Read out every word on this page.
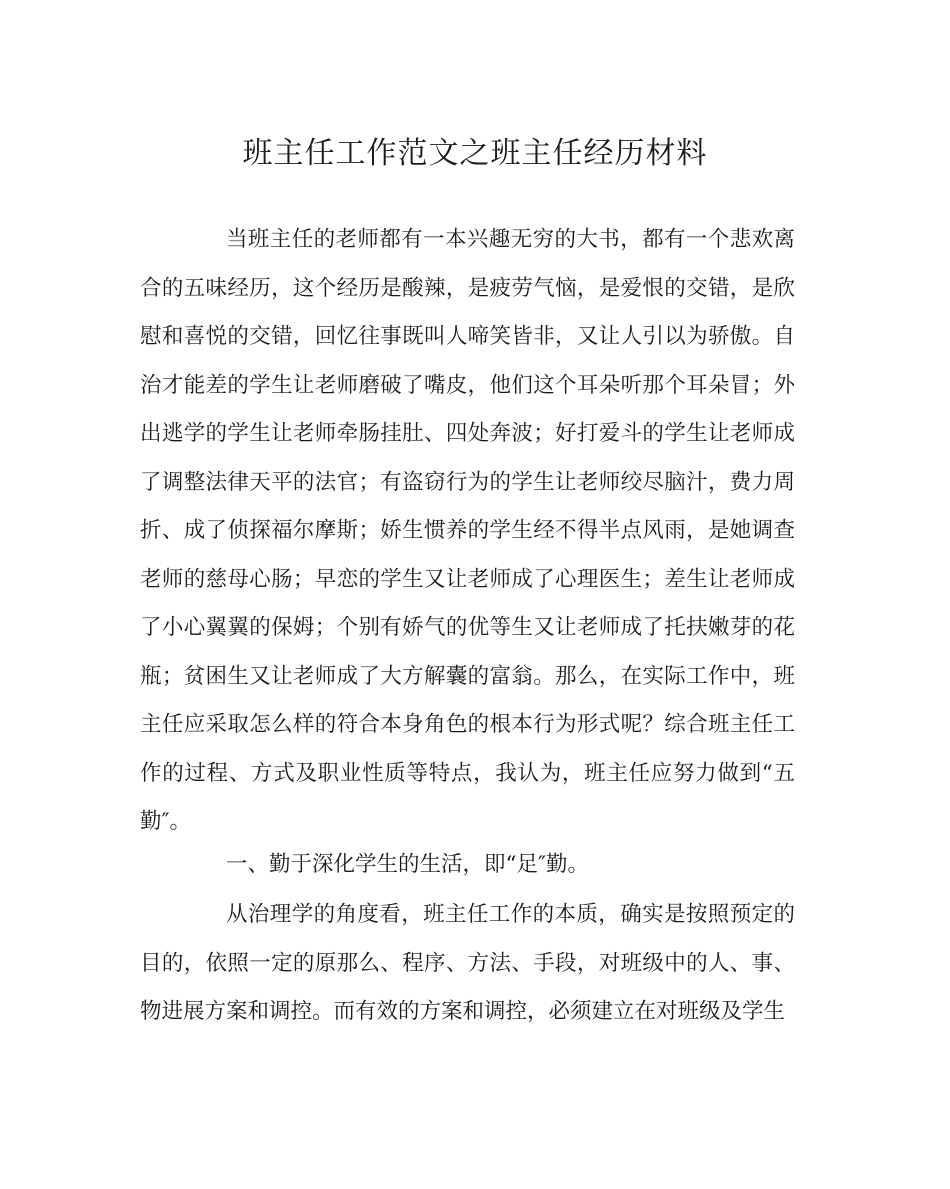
班主任工作范文之班主任经历材料

当班主任的老师都有一本兴趣无穷的大书，都有一个悲欢离合的五味经历，这个经历是酸辣，是疲劳气恼，是爱恨的交错，是欣慰和喜悦的交错，回忆往事既叫人啼笑皆非，又让人引以为骄傲。自治才能差的学生让老师磨破了嘴皮，他们这个耳朵听那个耳朵冒；外出逃学的学生让老师牵肠挂肚、四处奔波；好打爱斗的学生让老师成了调整法律天平的法官；有盗窃行为的学生让老师绞尽脑汁，费力周折、成了侦探福尔摩斯；娇生惯养的学生经不得半点风雨，是她调查老师的慈母心肠；早恋的学生又让老师成了心理医生；差生让老师成了小心翼翼的保姆；个别有娇气的优等生又让老师成了托扶嫩芽的花瓶；贫困生又让老师成了大方解囊的富翁。那么，在实际工作中，班主任应采取怎么样的符合本身角色的根本行为形式呢？综合班主任工作的过程、方式及职业性质等特点，我认为，班主任应努力做到“五勤″。

一、勤于深化学生的生活，即“足″勤。

从治理学的角度看，班主任工作的本质，确实是按照预定的目的，依照一定的原那么、程序、方法、手段，对班级中的人、事、物进展方案和调控。而有效的方案和调控，必须建立在对班级及学生
